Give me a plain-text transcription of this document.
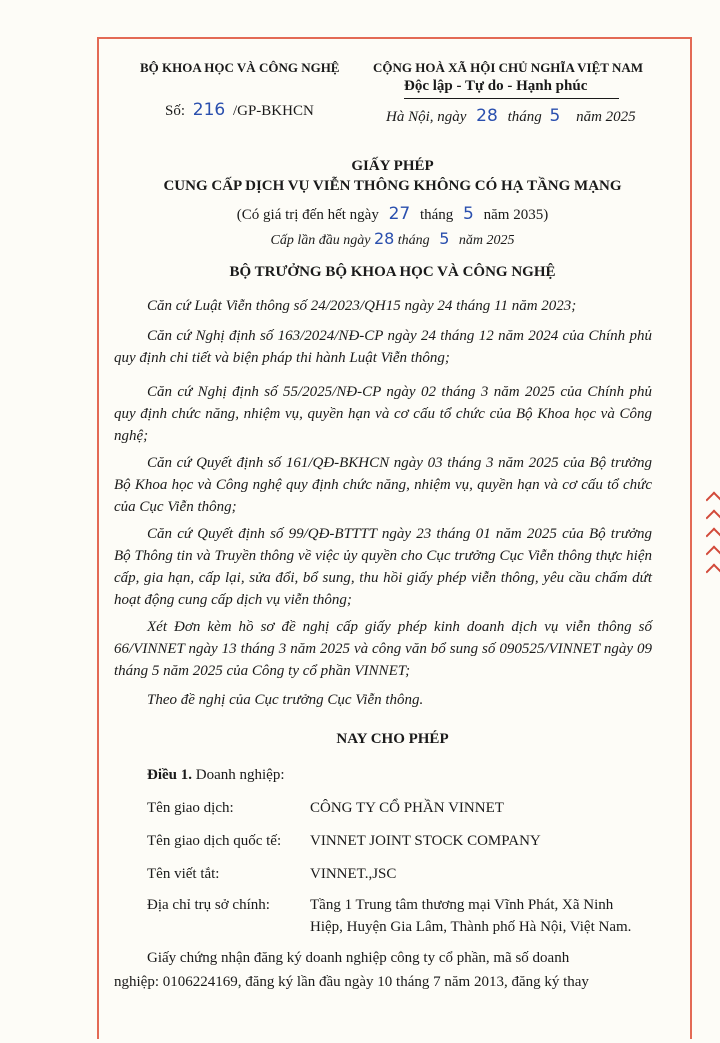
BỘ KHOA HỌC VÀ CÔNG NGHỆ
Số: 216 /GP-BKHCN
CỘNG HOÀ XÃ HỘI CHỦ NGHĨA VIỆT NAM
Độc lập - Tự do - Hạnh phúc
Hà Nội, ngày 28 tháng 5 năm 2025
GIẤY PHÉP
CUNG CẤP DỊCH VỤ VIỄN THÔNG KHÔNG CÓ HẠ TẦNG MẠNG
(Có giá trị đến hết ngày 27 tháng 5 năm 2035)
Cấp lần đầu ngày 28 tháng 5 năm 2025
BỘ TRƯỞNG BỘ KHOA HỌC VÀ CÔNG NGHỆ
Căn cứ Luật Viễn thông số 24/2023/QH15 ngày 24 tháng 11 năm 2023;
Căn cứ Nghị định số 163/2024/NĐ-CP ngày 24 tháng 12 năm 2024 của Chính phủ quy định chi tiết và biện pháp thi hành Luật Viễn thông;
Căn cứ Nghị định số 55/2025/NĐ-CP ngày 02 tháng 3 năm 2025 của Chính phủ quy định chức năng, nhiệm vụ, quyền hạn và cơ cấu tổ chức của Bộ Khoa học và Công nghệ;
Căn cứ Quyết định số 161/QĐ-BKHCN ngày 03 tháng 3 năm 2025 của Bộ trưởng Bộ Khoa học và Công nghệ quy định chức năng, nhiệm vụ, quyền hạn và cơ cấu tổ chức của Cục Viễn thông;
Căn cứ Quyết định số 99/QĐ-BTTTT ngày 23 tháng 01 năm 2025 của Bộ trưởng Bộ Thông tin và Truyền thông về việc ủy quyền cho Cục trưởng Cục Viễn thông thực hiện cấp, gia hạn, cấp lại, sửa đổi, bổ sung, thu hồi giấy phép viễn thông, yêu cầu chấm dứt hoạt động cung cấp dịch vụ viễn thông;
Xét Đơn kèm hồ sơ đề nghị cấp giấy phép kinh doanh dịch vụ viễn thông số 66/VINNET ngày 13 tháng 3 năm 2025 và công văn bổ sung số 090525/VINNET ngày 09 tháng 5 năm 2025 của Công ty cổ phần VINNET;
Theo đề nghị của Cục trưởng Cục Viễn thông.
NAY CHO PHÉP
Điều 1. Doanh nghiệp:
Tên giao dịch:	CÔNG TY CỔ PHẦN VINNET
Tên giao dịch quốc tế: VINNET JOINT STOCK COMPANY
Tên viết tắt:	VINNET.,JSC
Địa chỉ trụ sở chính:	Tầng 1 Trung tâm thương mại Vĩnh Phát, Xã Ninh
Hiệp, Huyện Gia Lâm, Thành phố Hà Nội, Việt Nam.
Giấy chứng nhận đăng ký doanh nghiệp công ty cổ phần, mã số doanh
nghiệp: 0106224169, đăng ký lần đầu ngày 10 tháng 7 năm 2013, đăng ký thay
